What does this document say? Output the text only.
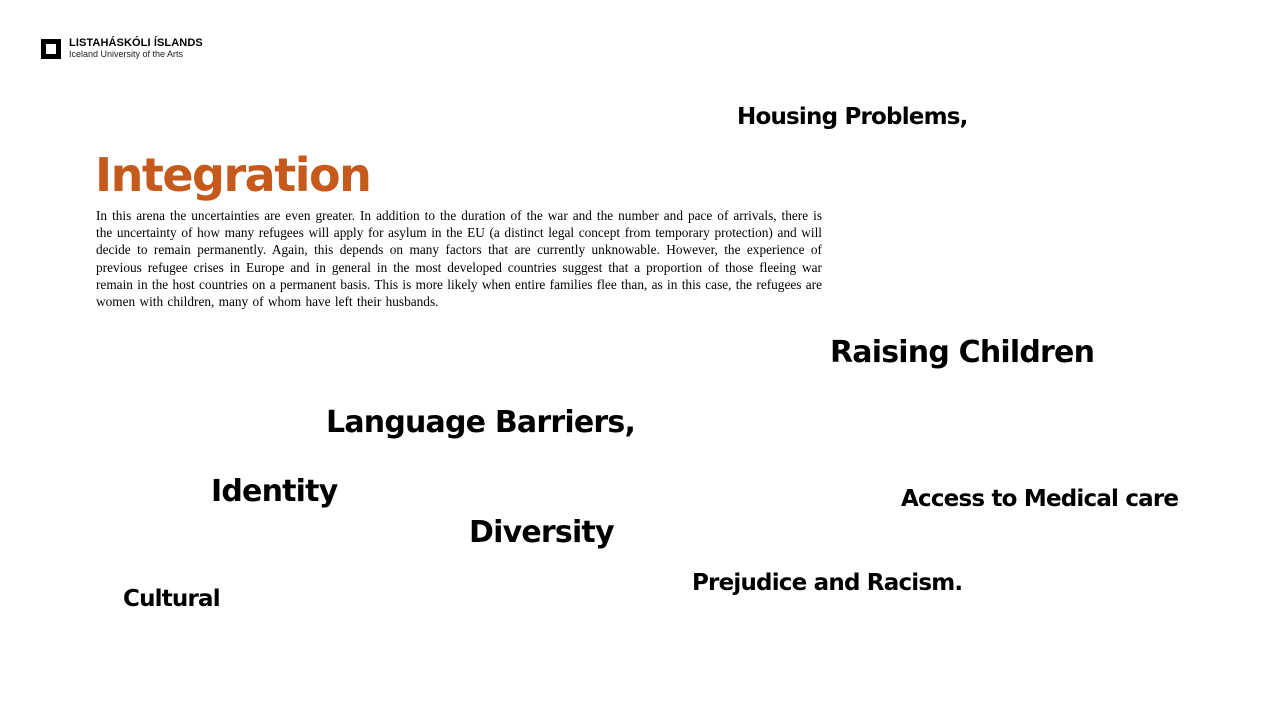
LISTAHÁSKÓLI ÍSLANDS
Iceland University of the Arts
Integration

In this arena the uncertainties are even greater. In addition to the duration of the war and the number and pace of arrivals, there is the uncertainty of how many refugees will apply for asylum in the EU (a distinct legal concept from temporary protection) and will decide to remain permanently. Again, this depends on many factors that are currently unknowable. However, the experience of previous refugee crises in Europe and in general in the most developed countries suggest that a proportion of those fleeing war remain in the host countries on a permanent basis. This is more likely when entire families flee than, as in this case, the refugees are women with children, many of whom have left their husbands.

Housing Problems,
Raising Children
Language Barriers,
Identity	Access to Medical care
Diversity
Prejudice and Racism.
Cultural
